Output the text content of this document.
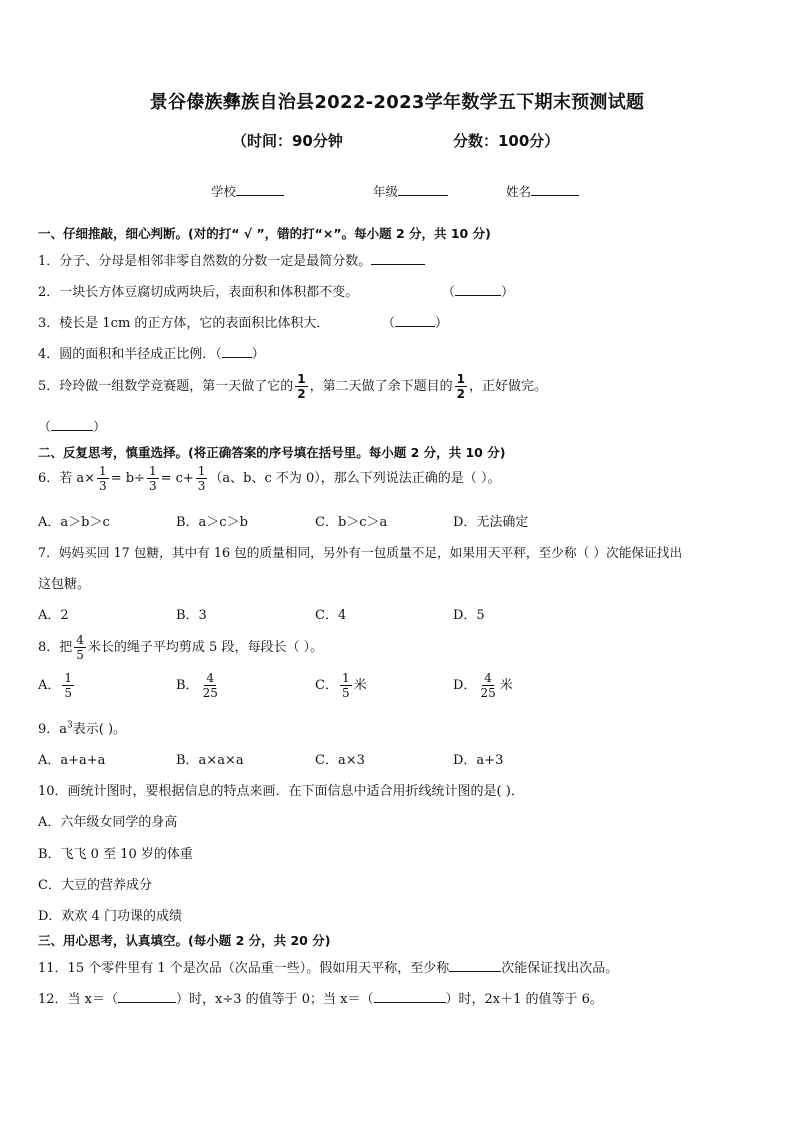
景谷傣族彝族自治县2022-2023学年数学五下期末预测试题
（时间：90分钟	分数：100分）
学校	年级	姓名
一、仔细推敲，细心判断。(对的打“ √ ”，错的打“×”。每小题 2 分，共 10 分)
1．分子、分母是相邻非零自然数的分数一定是最简分数。
2．一块长方体豆腐切成两块后，表面积和体积都不变。	（	）
3．棱长是 1cm 的正方体，它的表面积比体积大．	（	）
4．圆的面积和半径成正比例．（ ）
5．玲玲做一组数学竞赛题，第一天做了它的 $\frac{1}{2}$ ，第二天做了余下题目的 $\frac{1}{2}$ ，正好做完。
（	）
二、反复思考，慎重选择。(将正确答案的序号填在括号里。每小题 2 分，共 10 分)
6．若 $a\times \frac{1}{3} = b\div \frac{1}{3} = c+ \frac{1}{3} (a$、b、c 不为 0），那么下列说法正确的是（ ）。
A．a＞b＞c	B．a＞c＞b	C．b＞c＞a	D．无法确定
7．妈妈买回 17 包糖，其中有 16 包的质量相同，另外有一包质量不足，如果用天平秤，至少称（ ）次能保证找出
这包糖。
A．2	B．3	C．4	D．5
8．把 $\frac{4}{5}$ 米长的绳子平均剪成 5 段，每段长（ ）。
A． $\frac{1}{5}$	B． $\frac{4}{25}$	C． $\frac{1}{5}$ 米	D． $\frac{4}{25}$ 米
9．$a^3$表示( )。
A．a+a+a	B．a×a×a	C．a×3	D．a+3
10．画统计图时，要根据信息的特点来画．在下面信息中适合用折线统计图的是( )．
A．六年级女同学的身高
B．飞飞 0 至 10 岁的体重
C．大豆的营养成分
D．欢欢 4 门功课的成绩
三、用心思考，认真填空。(每小题 2 分，共 20 分)
11．15 个零件里有 1 个是次品（次品重一些）。假如用天平称，至少称	次能保证找出次品。
12．当 x＝（	）时，x÷3 的值等于 0；当 x＝（	）时，2x＋1 的值等于 6。
